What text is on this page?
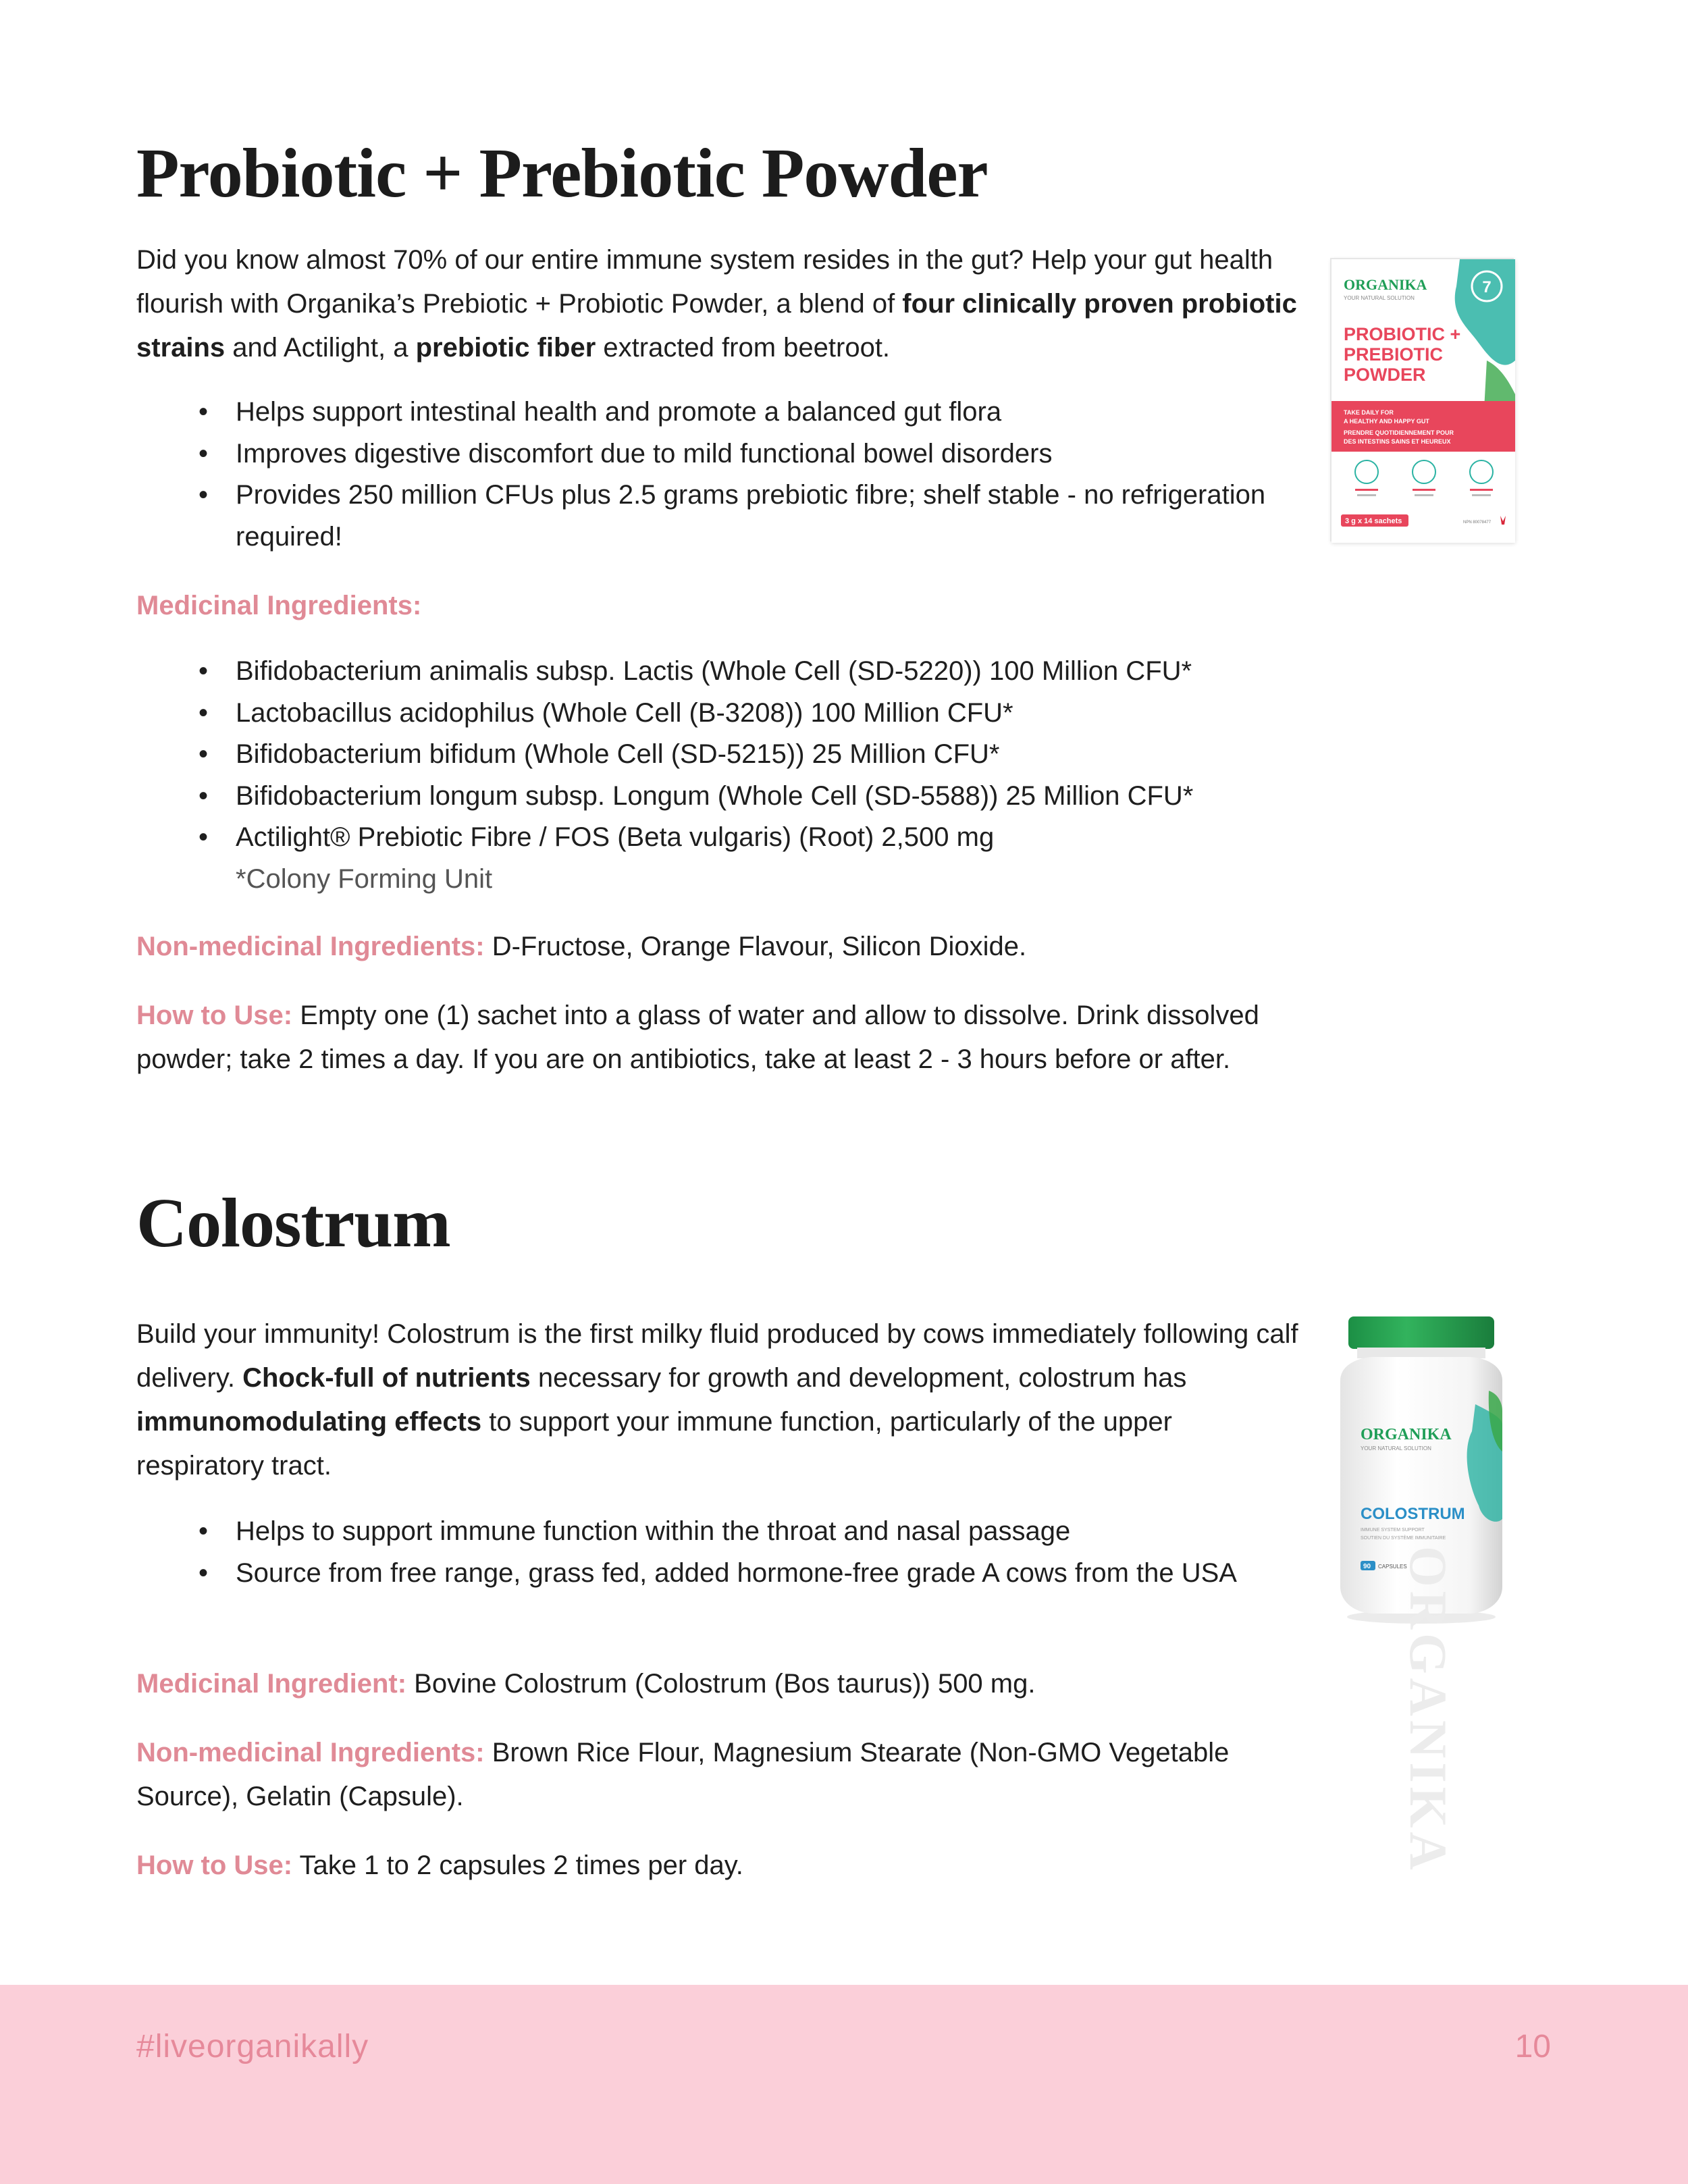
Probiotic + Prebiotic Powder

Did you know almost 70% of our entire immune system resides in the gut? Help your gut health flourish with Organika’s Prebiotic + Probiotic Powder, a blend of four clinically proven probiotic strains and Actilight, a prebiotic fiber extracted from beetroot.

• Helps support intestinal health and promote a balanced gut flora
• Improves digestive discomfort due to mild functional bowel disorders
• Provides 250 million CFUs plus 2.5 grams prebiotic fibre; shelf stable - no refrigeration required!

Medicinal Ingredients:

• Bifidobacterium animalis subsp. Lactis (Whole Cell (SD-5220)) 100 Million CFU*
• Lactobacillus acidophilus (Whole Cell (B-3208)) 100 Million CFU*
• Bifidobacterium bifidum (Whole Cell (SD-5215)) 25 Million CFU*
• Bifidobacterium longum subsp. Longum (Whole Cell (SD-5588)) 25 Million CFU*
• Actilight® Prebiotic Fibre / FOS (Beta vulgaris) (Root) 2,500 mg
*Colony Forming Unit

Non-medicinal Ingredients: D-Fructose, Orange Flavour, Silicon Dioxide.

How to Use: Empty one (1) sachet into a glass of water and allow to dissolve. Drink dissolved powder; take 2 times a day. If you are on antibiotics, take at least 2 - 3 hours before or after.

7
ORGANIKA
YOUR NATURAL SOLUTION
PROBIOTIC +
PREBIOTIC
POWDER
TAKE DAILY FOR
A HEALTHY AND HAPPY GUT
PRENDRE QUOTIDIENNEMENT POUR
DES INTESTINS SAINS ET HEUREUX
3 g x 14 sachets	NPN 80078477
Colostrum

Build your immunity! Colostrum is the first milky fluid produced by cows immediately following calf delivery. Chock-full of nutrients necessary for growth and development, colostrum has immunomodulating effects to support your immune function, particularly of the upper respiratory tract.

• Helps to support immune function within the throat and nasal passage
• Source from free range, grass fed, added hormone-free grade A cows from the USA

Medicinal Ingredient: Bovine Colostrum (Colostrum (Bos taurus)) 500 mg.

Non-medicinal Ingredients: Brown Rice Flour, Magnesium Stearate (Non-GMO Vegetable Source), Gelatin (Capsule).

How to Use: Take 1 to 2 capsules 2 times per day.

ORGANIKA
YOUR NATURAL SOLUTION
COLOSTRUM
IMMUNE SYSTEM SUPPORT
SOUTIEN DU SYSTÈME IMMUNITAIRE
90 CAPSULES
ORGANIKA
#liveorganikally	10
